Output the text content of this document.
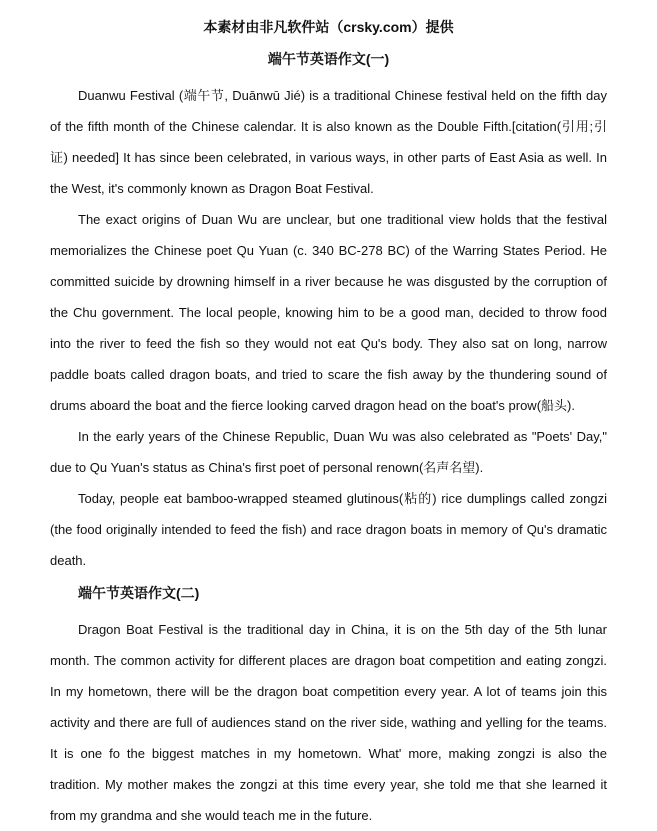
本素材由非凡软件站（crsky.com）提供
端午节英语作文(一)

Duanwu Festival (端午节, Duānwū Jié) is a traditional Chinese festival held on the fifth day of the fifth month of the Chinese calendar. It is also known as the Double Fifth.[citation(引用;引证) needed] It has since been celebrated, in various ways, in other parts of East Asia as well. In the West, it's commonly known as Dragon Boat Festival.

The exact origins of Duan Wu are unclear, but one traditional view holds that the festival memorializes the Chinese poet Qu Yuan (c. 340 BC-278 BC) of the Warring States Period. He committed suicide by drowning himself in a river because he was disgusted by the corruption of the Chu government. The local people, knowing him to be a good man, decided to throw food into the river to feed the fish so they would not eat Qu's body. They also sat on long, narrow paddle boats called dragon boats, and tried to scare the fish away by the thundering sound of drums aboard the boat and the fierce looking carved dragon head on the boat's prow(船头).

In the early years of the Chinese Republic, Duan Wu was also celebrated as "Poets' Day," due to Qu Yuan's status as China's first poet of personal renown(名声名望).

Today, people eat bamboo-wrapped steamed glutinous(粘的) rice dumplings called zongzi (the food originally intended to feed the fish) and race dragon boats in memory of Qu's dramatic death.

端午节英语作文(二)

Dragon Boat Festival is the traditional day in China, it is on the 5th day of the 5th lunar month. The common activity for different places are dragon boat competition and eating zongzi. In my hometown, there will be the dragon boat competition every year. A lot of teams join this activity and there are full of audiences stand on the river side, wathing and yelling for the teams. It is one fo the biggest matches in my hometown. What' more, making zongzi is also the tradition. My mother makes the zongzi at this time every year, she told me that she learned it from my grandma and she would teach me in the future.
